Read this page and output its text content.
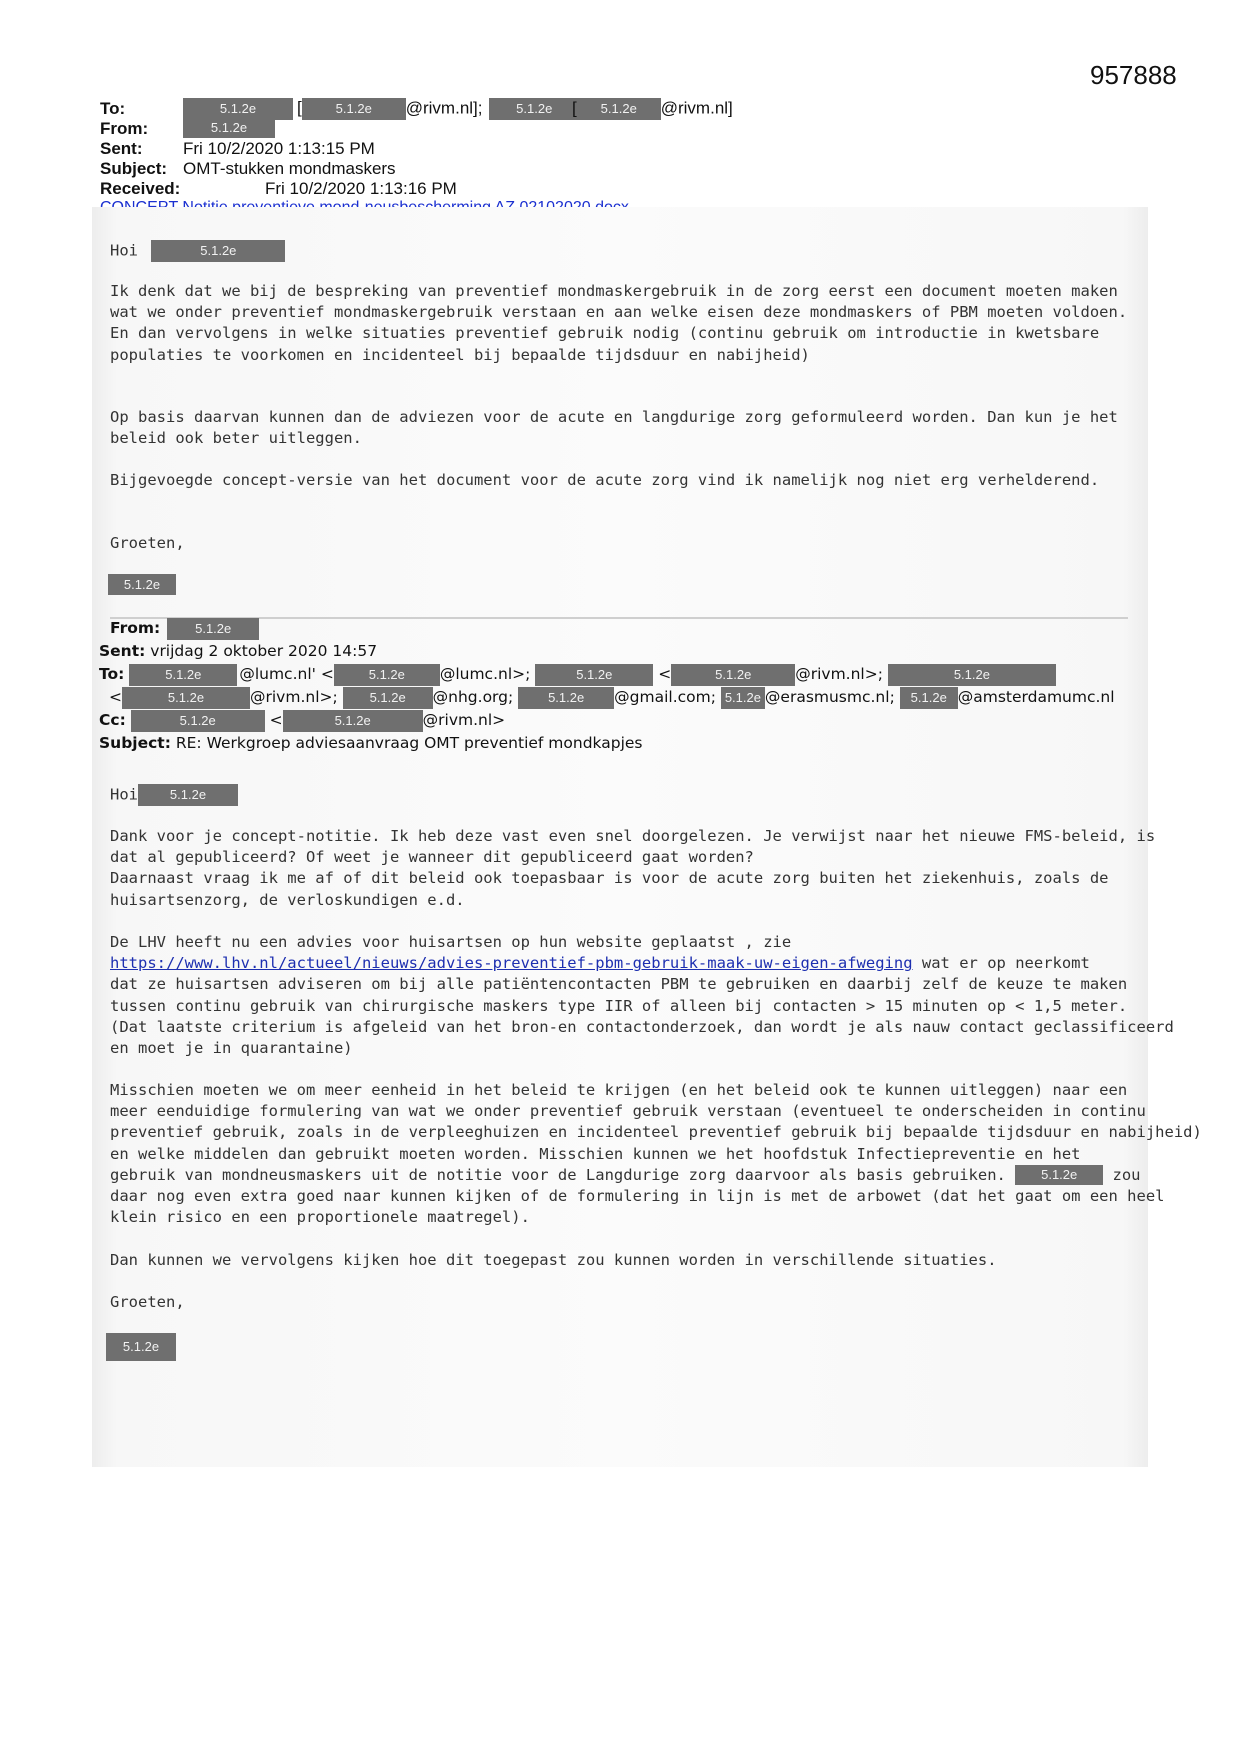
957888
To:	5.1.2e [	5.1.2e @rivm.nl];	5.1.2e	[ 5.1.2e @rivm.nl]
From:	5.1.2e
Sent: Fri 10/2/2020 1:13:15 PM
Subject: OMT-stukken mondmaskers
Received:	Fri 10/2/2020 1:13:16 PM
Hoi	5.1.2e

Ik denk dat we bij de bespreking van preventief mondmaskergebruik in de zorg eerst een document moeten maken wat we onder preventief mondmaskergebruik verstaan en aan welke eisen deze mondmaskers of PBM moeten voldoen.

En dan vervolgens in welke situaties preventief gebruik nodig (continu gebruik om introductie in kwetsbare populaties te voorkomen en incidenteel bij bepaalde tijdsduur en nabijheid)

Op basis daarvan kunnen dan de adviezen voor de acute en langdurige zorg geformuleerd worden. Dan kun je het beleid ook beter uitleggen.

Bijgevoegde concept-versie van het document voor de acute zorg vind ik namelijk nog niet erg verhelderend.

Groeten,
5.1.2e
From:	5.1.2e
Sent: vrijdag 2 oktober 2020 14:57
To:	5.1.2e @lumc.nl' <	5.1.2e @lumc.nl>;	5.1.2e	<	5.1.2e	@rivm.nl>;	5.1.2e
<	5.1.2e	@rivm.nl>; 5.1.2e @nhg.org;	5.1.2e @gmail.com; 5.1.2e @erasmusmc.nl; 5.1.2e @amsterdamumc.nl
Cc:	5.1.2e	<	5.1.2e	@rivm.nl>
Subject: RE: Werkgroep adviesaanvraag OMT preventief mondkapjes
Hoi 5.1.2e
Dank voor je concept-notitie. Ik heb deze vast even snel doorgelezen. Je verwijst naar het nieuwe FMS-beleid, is
dat al gepubliceerd? Of weet je wanneer dit gepubliceerd gaat worden?
Daarnaast vraag ik me af of dit beleid ook toepasbaar is voor de acute zorg buiten het ziekenhuis, zoals de
huisartsenzorg, de verloskundigen e.d.
De LHV heeft nu een advies voor huisartsen op hun website geplaatst , zie
https://www.lhv.nl/actueel/nieuws/advies-preventief-pbm-gebruik-maak-uw-eigen-afweging wat er op neerkomt
dat ze huisartsen adviseren om bij alle patiëntencontacten PBM te gebruiken en daarbij zelf de keuze te maken
tussen continu gebruik van chirurgische maskers type IIR of alleen bij contacten > 15 minuten op < 1,5 meter.
(Dat laatste criterium is afgeleid van het bron-en contactonderzoek, dan wordt je als nauw contact geclassificeerd
en moet je in quarantaine)
Misschien moeten we om meer eenheid in het beleid te krijgen (en het beleid ook te kunnen uitleggen) naar een
meer eenduidige formulering van wat we onder preventief gebruik verstaan (eventueel te onderscheiden in continu
preventief gebruik, zoals in de verpleeghuizen en incidenteel preventief gebruik bij bepaalde tijdsduur en nabijheid)
en welke middelen dan gebruikt moeten worden. Misschien kunnen we het hoofdstuk Infectiepreventie en het
gebruik van mondneusmaskers uit de notitie voor de Langdurige zorg daarvoor als basis gebruiken. 5.1.2e zou
daar nog even extra goed naar kunnen kijken of de formulering in lijn is met de arbowet (dat het gaat om een heel
klein risico en een proportionele maatregel).
Dan kunnen we vervolgens kijken hoe dit toegepast zou kunnen worden in verschillende situaties.
Groeten,
5.1.2e
